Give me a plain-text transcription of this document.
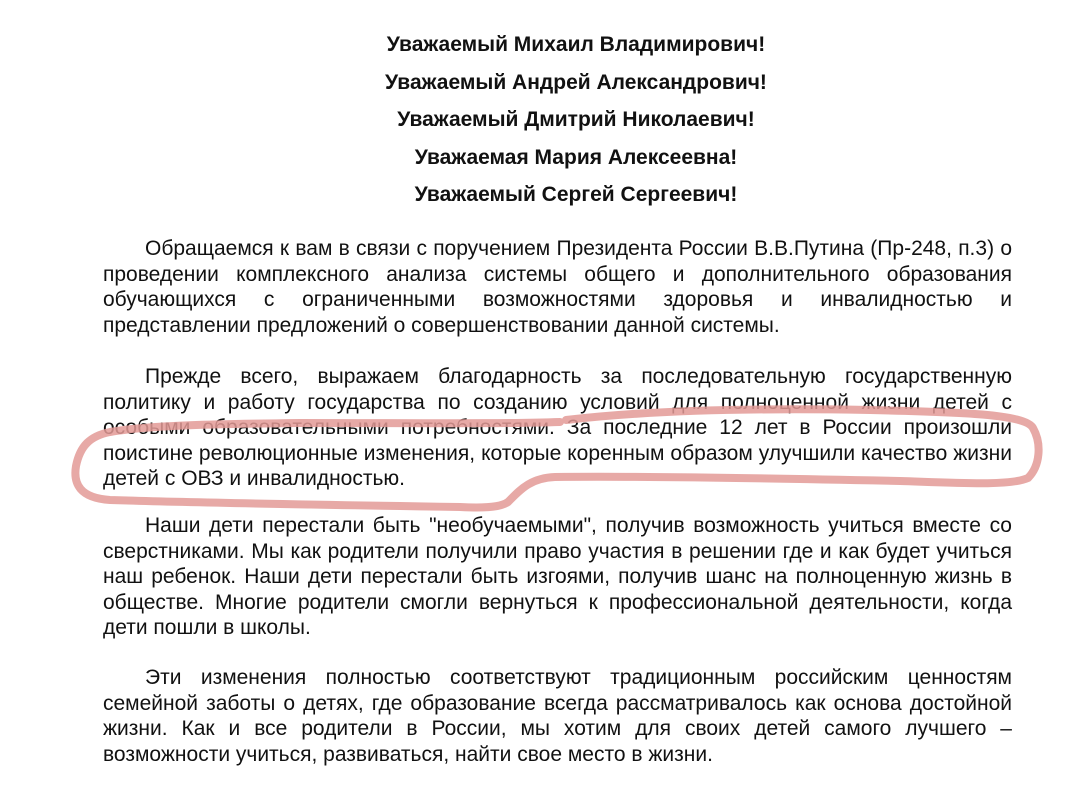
Уважаемый Михаил Владимирович!
Уважаемый Андрей Александрович!
Уважаемый Дмитрий Николаевич!
Уважаемая Мария Алексеевна!
Уважаемый Сергей Сергеевич!

Обращаемся к вам в связи с поручением Президента России В.В.Путина (Пр-248, п.3) о проведении комплексного анализа системы общего и дополнительного образования обучающихся с ограниченными возможностями здоровья и инвалидностью и представлении предложений о совершенствовании данной системы.

Прежде всего, выражаем благодарность за последовательную государственную политику и работу государства по созданию условий для полноценной жизни детей с особыми образовательными потребностями. За последние 12 лет в России произошли поистине революционные изменения, которые коренным образом улучшили качество жизни детей с ОВЗ и инвалидностью.

Наши дети перестали быть "необучаемыми", получив возможность учиться вместе со сверстниками. Мы как родители получили право участия в решении где и как будет учиться наш ребенок. Наши дети перестали быть изгоями, получив шанс на полноценную жизнь в обществе. Многие родители смогли вернуться к профессиональной деятельности, когда дети пошли в школы.

Эти изменения полностью соответствуют традиционным российским ценностям семейной заботы о детях, где образование всегда рассматривалось как основа достойной жизни. Как и все родители в России, мы хотим для своих детей самого лучшего – возможности учиться, развиваться, найти свое место в жизни.
